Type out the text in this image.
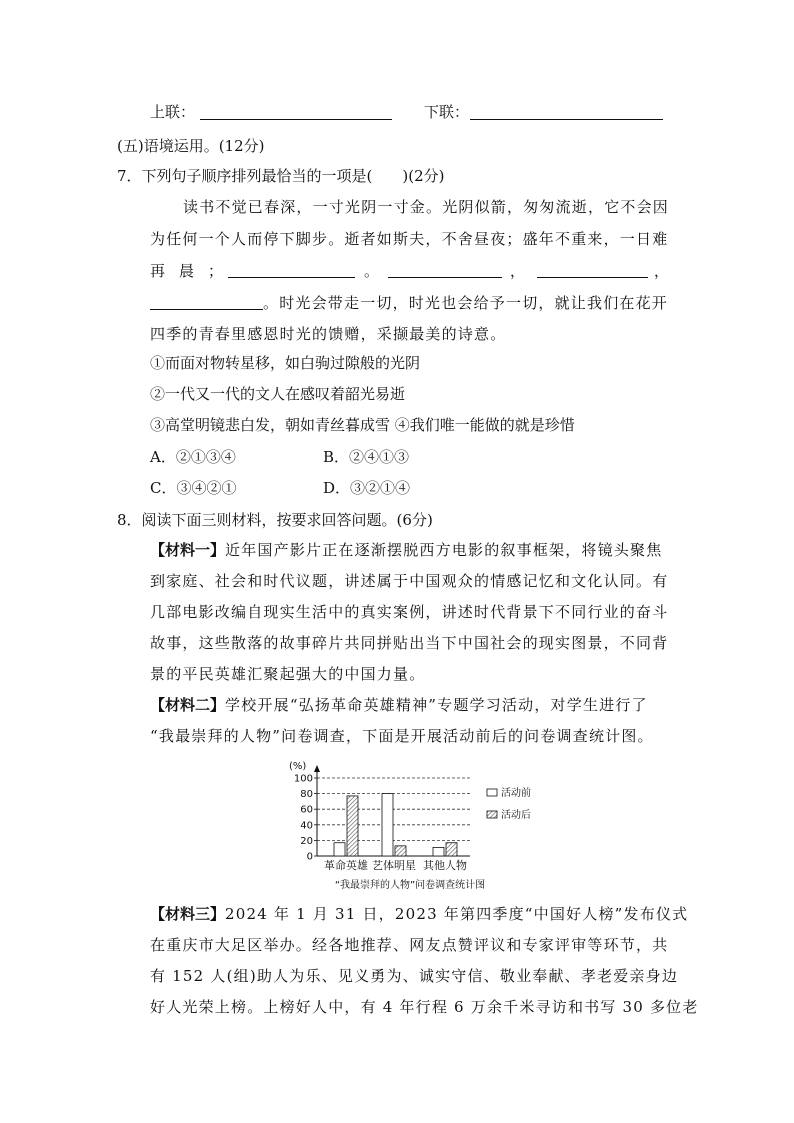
上联：	下联：
(五)语境运用。(12分)
7．下列句子顺序排列最恰当的一项是(　　)(2分)
读书不觉已春深，一寸光阴一寸金。光阴似箭，匆匆流逝，它不会因
为任何一个人而停下脚步。逝者如斯夫，不舍昼夜；盛年不重来，一日难
再晨；	。	，	，
。时光会带走一切，时光也会给予一切，就让我们在花开
四季的青春里感恩时光的馈赠，采撷最美的诗意。
①而面对物转星移，如白驹过隙般的光阴
②一代又一代的文人在感叹着韶光易逝
③高堂明镜悲白发，朝如青丝暮成雪 ④我们唯一能做的就是珍惜
A．②①③④	B．②④①③
C．③④②①	D．③②①④
8．阅读下面三则材料，按要求回答问题。(6分)
【材料一】近年国产影片正在逐渐摆脱西方电影的叙事框架，将镜头聚焦
到家庭、社会和时代议题，讲述属于中国观众的情感记忆和文化认同。有
几部电影改编自现实生活中的真实案例，讲述时代背景下不同行业的奋斗
故事，这些散落的故事碎片共同拼贴出当下中国社会的现实图景，不同背
景的平民英雄汇聚起强大的中国力量。
【材料二】学校开展“弘扬革命英雄精神”专题学习活动，对学生进行了
“我最崇拜的人物”问卷调查，下面是开展活动前后的问卷调查统计图。
(%)
0
20
40
60
80
100
革命英雄 艺体明星 其他人物
“我最崇拜的人物”问卷调查统计图
活动前
活动后
【材料三】2024 年 1 月 31 日，2023 年第四季度“中国好人榜”发布仪式
在重庆市大足区举办。经各地推荐、网友点赞评议和专家评审等环节，共
有 152 人(组)助人为乐、见义勇为、诚实守信、敬业奉献、孝老爱亲身边
好人光荣上榜。上榜好人中，有 4 年行程 6 万余千米寻访和书写 30 多位老
